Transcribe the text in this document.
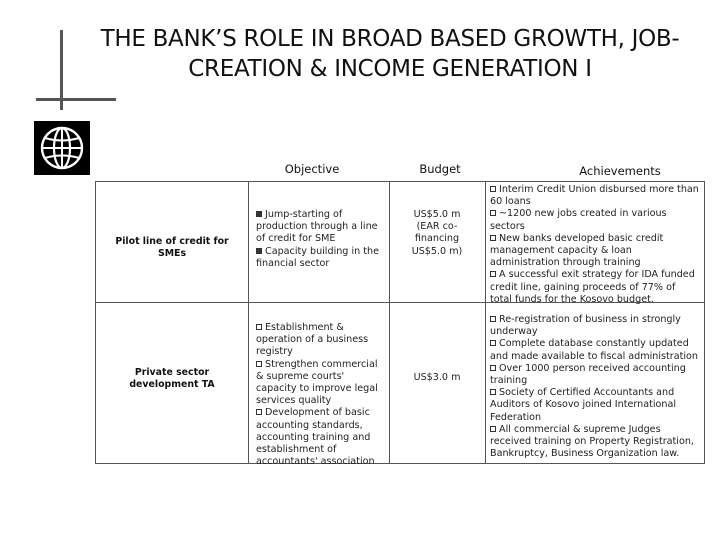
THE BANK’S ROLE IN BROAD BASED GROWTH, JOB-
CREATION & INCOME GENERATION I
Objective	Budget	Achievements
Pilot line of credit for SMEs

Jump-starting of production through a line of credit for SME

Capacity building in the financial sector

US$5.0 m
(EAR co-
financing
US$5.0 m)

Interim Credit Union disbursed more than 60 loans

~1200 new jobs created in various sectors

New banks developed basic credit management capacity & loan administration through training

A successful exit strategy for IDA funded credit line, gaining proceeds of 77% of total funds for the Kosovo budget.

Private sector development TA

Establishment & operation of a business registry

Strengthen commercial & supreme courts' capacity to improve legal services quality

Development of basic accounting standards, accounting training and establishment of accountants' association

US$3.0 m

Re-registration of business in strongly underway

Complete database constantly updated and made available to fiscal administration

Over 1000 person received accounting training

Society of Certified Accountants and Auditors of Kosovo joined International Federation

All commercial & supreme Judges received training on Property Registration, Bankruptcy, Business Organization law.
